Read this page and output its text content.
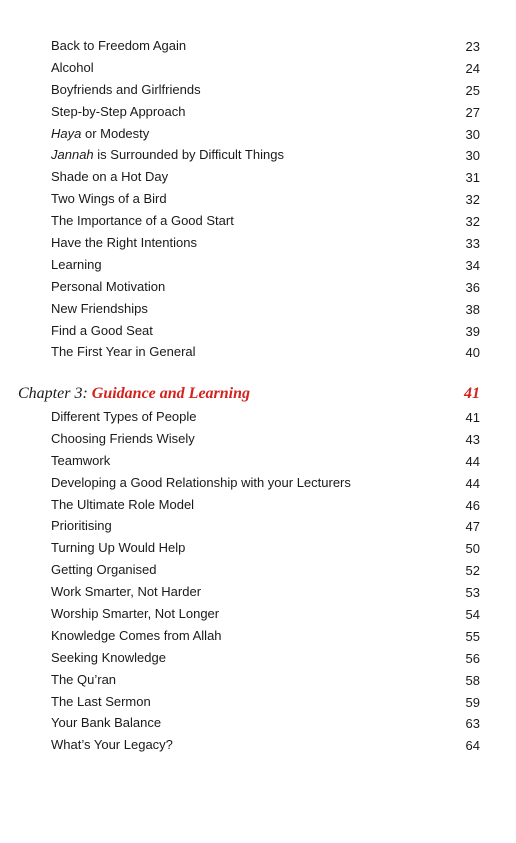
Back to Freedom Again	23
Alcohol	24
Boyfriends and Girlfriends	25
Step-by-Step Approach	27
Haya or Modesty	30
Jannah is Surrounded by Difficult Things	30
Shade on a Hot Day	31
Two Wings of a Bird	32
The Importance of a Good Start	32
Have the Right Intentions	33
Learning	34
Personal Motivation	36
New Friendships	38
Find a Good Seat	39
The First Year in General	40
Chapter 3: Guidance and Learning	41
Different Types of People	41
Choosing Friends Wisely	43
Teamwork	44
Developing a Good Relationship with your Lecturers	44
The Ultimate Role Model	46
Prioritising	47
Turning Up Would Help	50
Getting Organised	52
Work Smarter, Not Harder	53
Worship Smarter, Not Longer	54
Knowledge Comes from Allah	55
Seeking Knowledge	56
The Qu’ran	58
The Last Sermon	59
Your Bank Balance	63
What’s Your Legacy?	64
